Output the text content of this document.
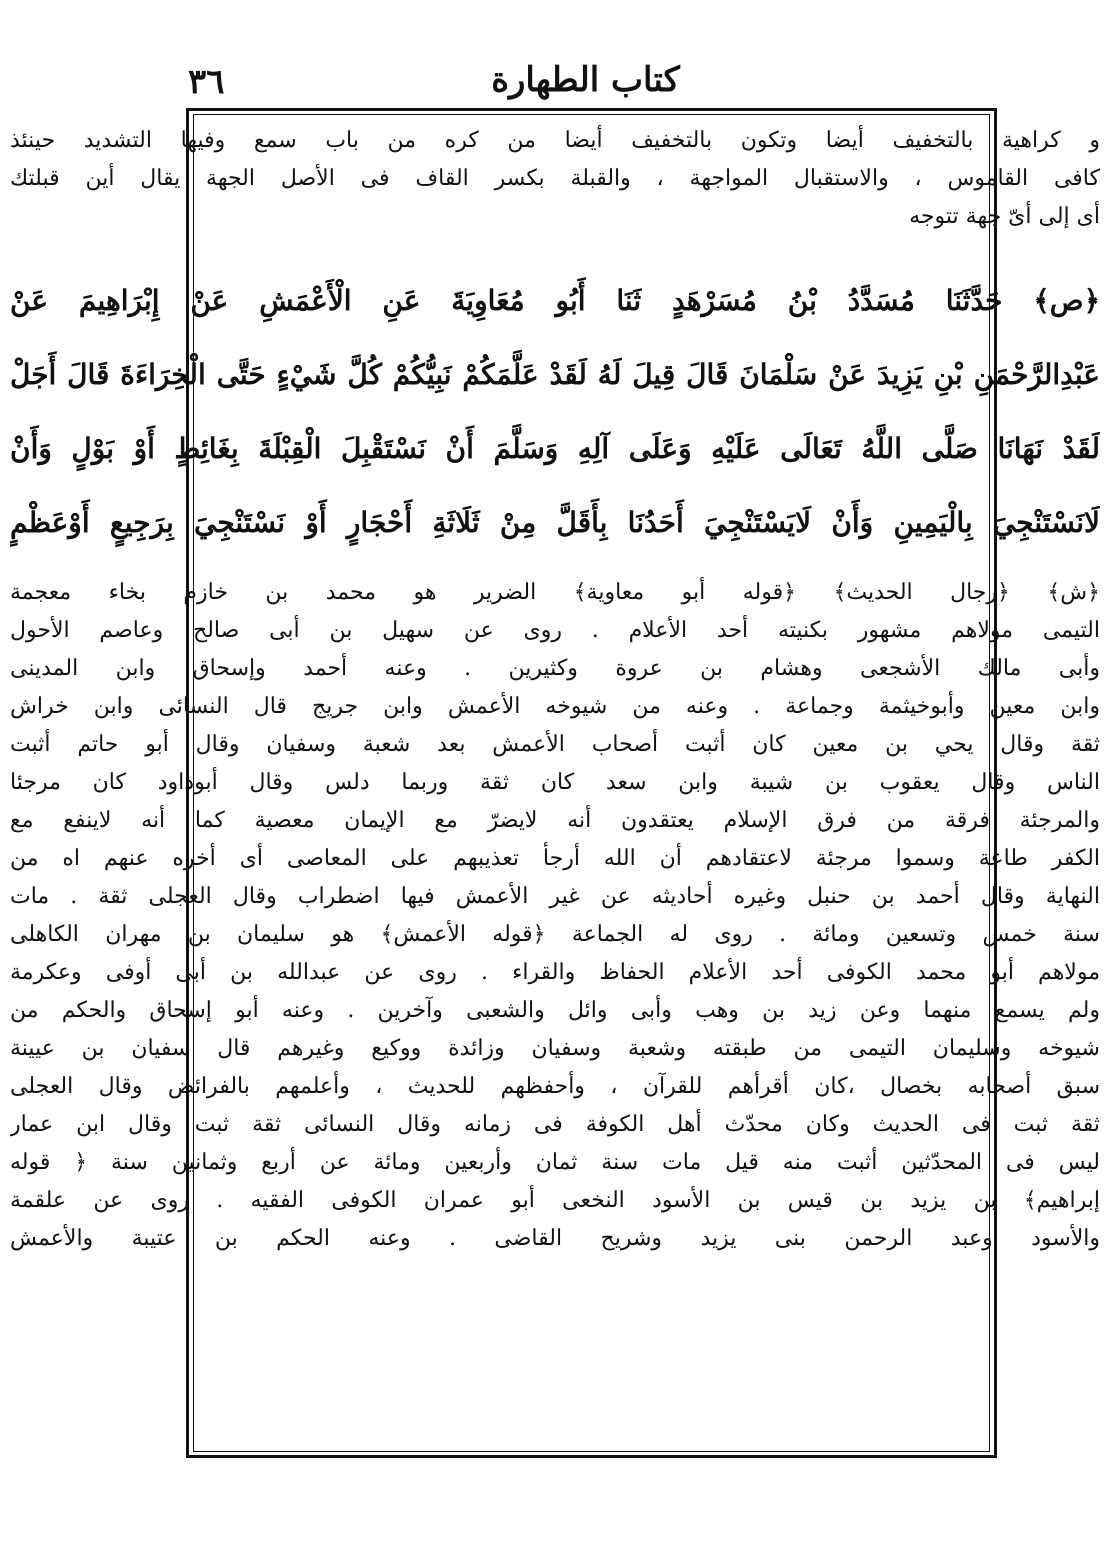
٣٦	كتاب الطهارة
و كراهية بالتخفيف أيضا وتكون بالتخفيف أيضا من كره من باب سمع وفيها التشديد حينئذ
كافى القاموس ، والاستقبال المواجهة ، والقبلة بكسر القاف فى الأصل الجهة يقال أين قبلتك
أى إلى أىّ جهة تتوجه
﴿ص﴾ حَدَّثَنَا مُسَدَّدُ بْنُ مُسَرْهَدٍ ثَنَا أَبُو مُعَاوِيَةَ عَنِ الْأَعْمَشِ عَنْ إِبْرَاهِيمَ عَنْ
عَبْدِالرَّحْمَنِ بْنِ يَزِيدَ عَنْ سَلْمَانَ قَالَ قِيلَ لَهُ لَقَدْ عَلَّمَكُمْ نَبِيُّكُمْ كُلَّ شَيْءٍ حَتَّى الْخِرَاءَةَ قَالَ أَجَلْ
لَقَدْ نَهَانَا صَلَّى اللَّهُ تَعَالَى عَلَيْهِ وَعَلَى آلِهِ وَسَلَّمَ أَنْ نَسْتَقْبِلَ الْقِبْلَةَ بِغَائِطٍ أَوْ بَوْلٍ وَأَنْ
لَانَسْتَنْجِيَ بِالْيَمِينِ وَأَنْ لَايَسْتَنْجِيَ أَحَدُنَا بِأَقَلَّ مِنْ ثَلَاثَةِ أَحْجَارٍ أَوْ نَسْتَنْجِيَ بِرَجِيعٍ أَوْعَظْمٍ
﴿ش﴾ ﴿رجال الحديث﴾ ﴿قوله أبو معاوية﴾ الضرير هو محمد بن خازم بخاء معجمة
التيمى مولاهم مشهور بكنيته أحد الأعلام . روى عن سهيل بن أبى صالح وعاصم الأحول
وأبى مالك الأشجعى وهشام بن عروة وكثيرين . وعنه أحمد وإسحاق وابن المدينى
وابن معين وأبوخيثمة وجماعة . وعنه من شيوخه الأعمش وابن جريج قال النسائى وابن خراش
ثقة وقال يحي بن معين كان أثبت أصحاب الأعمش بعد شعبة وسفيان وقال أبو حاتم أثبت
الناس وقال يعقوب بن شيبة وابن سعد كان ثقة وربما دلس وقال أبوداود كان مرجئا
والمرجئة فرقة من فرق الإسلام يعتقدون أنه لايضرّ مع الإيمان معصية كما أنه لاينفع مع
الكفر طاعة وسموا مرجئة لاعتقادهم أن الله أرجأ تعذيبهم على المعاصى أى أخره عنهم اه من
النهاية وقال أحمد بن حنبل وغيره أحاديثه عن غير الأعمش فيها اضطراب وقال العجلى ثقة . مات
سنة خمس وتسعين ومائة . روى له الجماعة ﴿قوله الأعمش﴾ هو سليمان بن مهران الكاهلى
مولاهم أبو محمد الكوفى أحد الأعلام الحفاظ والقراء . روى عن عبدالله بن أبى أوفى وعكرمة
ولم يسمع منهما وعن زيد بن وهب وأبى وائل والشعبى وآخرين . وعنه أبو إسحاق والحكم من
شيوخه وسليمان التيمى من طبقته وشعبة وسفيان وزائدة ووكيع وغيرهم قال سفيان بن عيينة
سبق أصحابه بخصال ،كان أقرأهم للقرآن ، وأحفظهم للحديث ، وأعلمهم بالفرائض وقال العجلى
ثقة ثبت فى الحديث وكان محدّث أهل الكوفة فى زمانه وقال النسائى ثقة ثبت وقال ابن عمار
ليس فى المحدّثين أثبت منه قيل مات سنة ثمان وأربعين ومائة عن أربع وثمانين سنة ﴿ قوله
إبراهيم﴾ بن يزيد بن قيس بن الأسود النخعى أبو عمران الكوفى الفقيه . روى عن علقمة
والأسود وعبد الرحمن بنى يزيد وشريح القاضى . وعنه الحكم بن عتيبة والأعمش
